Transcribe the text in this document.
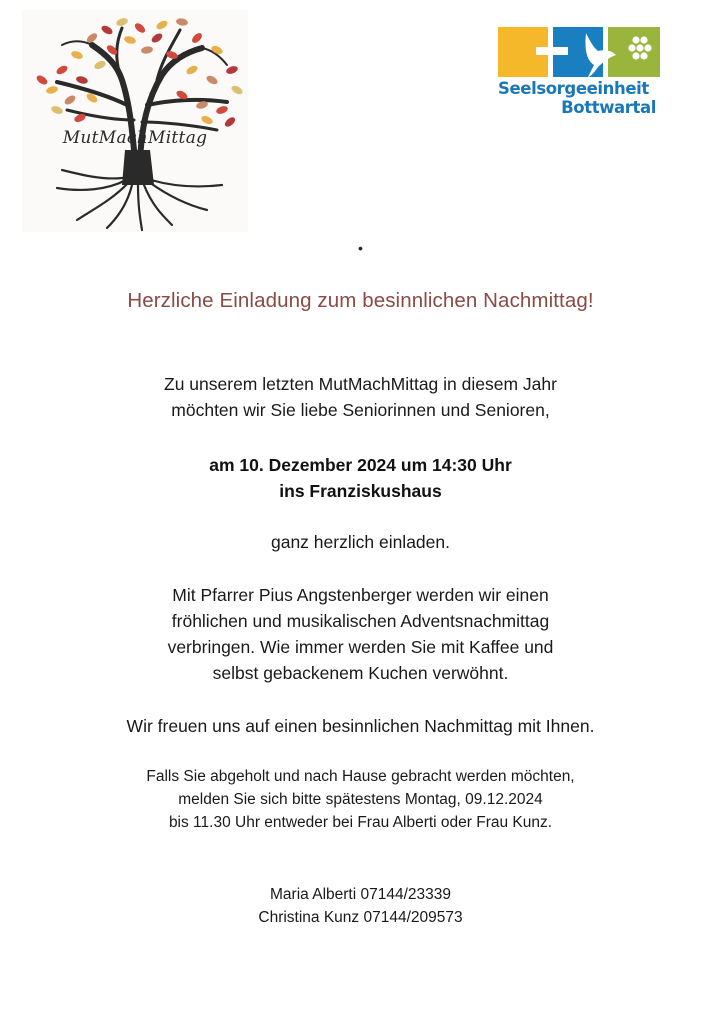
MutMachMittag
Seelsorgeeinheit
Bottwartal
•
Herzliche Einladung zum besinnlichen Nachmittag!
Zu unserem letzten MutMachMittag in diesem Jahr
möchten wir Sie liebe Seniorinnen und Senioren,
am 10. Dezember 2024 um 14:30 Uhr
ins Franziskushaus
ganz herzlich einladen.
Mit Pfarrer Pius Angstenberger werden wir einen
fröhlichen und musikalischen Adventsnachmittag
verbringen. Wie immer werden Sie mit Kaffee und
selbst gebackenem Kuchen verwöhnt.
Wir freuen uns auf einen besinnlichen Nachmittag mit Ihnen.
Falls Sie abgeholt und nach Hause gebracht werden möchten,
melden Sie sich bitte spätestens Montag, 09.12.2024
bis 11.30 Uhr entweder bei Frau Alberti oder Frau Kunz.
Maria Alberti 07144/23339
Christina Kunz 07144/209573
